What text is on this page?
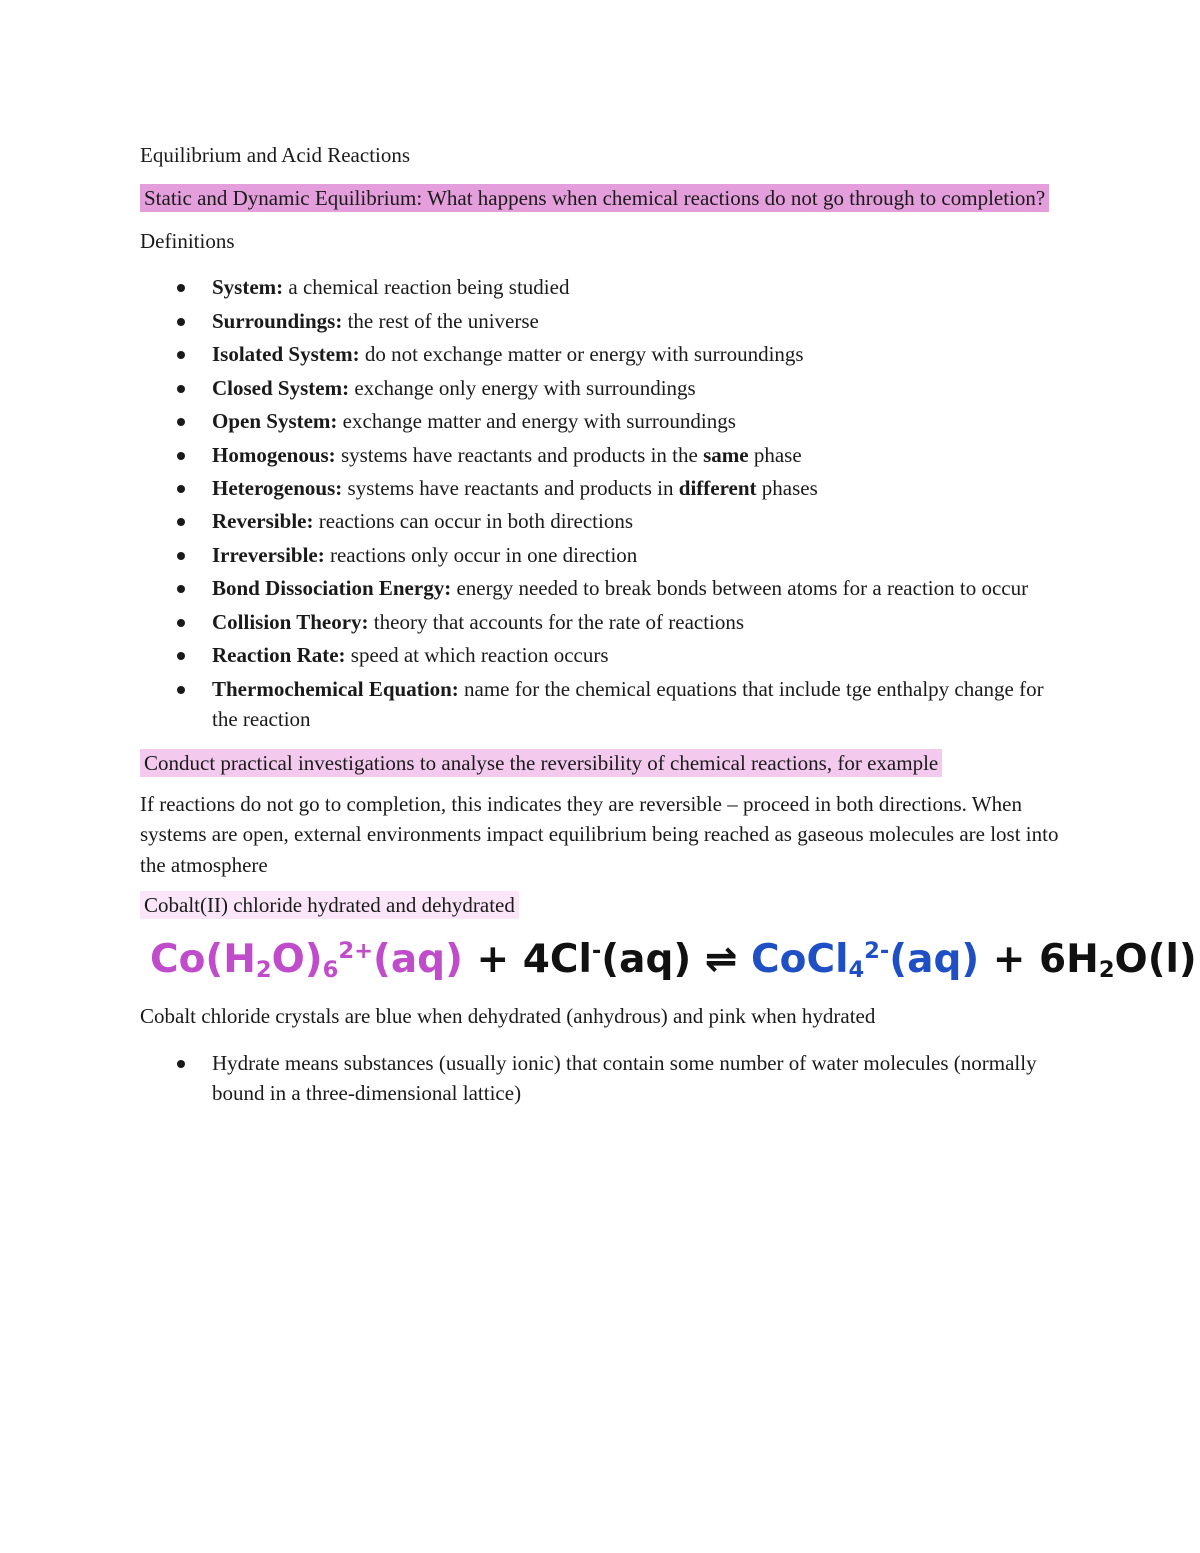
Equilibrium and Acid Reactions

Static and Dynamic Equilibrium: What happens when chemical reactions do not go through to completion?

Definitions

System: a chemical reaction being studied
Surroundings: the rest of the universe
Isolated System: do not exchange matter or energy with surroundings
Closed System: exchange only energy with surroundings
Open System: exchange matter and energy with surroundings
Homogenous: systems have reactants and products in the same phase
Heterogenous: systems have reactants and products in different phases
Reversible: reactions can occur in both directions
Irreversible: reactions only occur in one direction
Bond Dissociation Energy: energy needed to break bonds between atoms for a reaction to occur
Collision Theory: theory that accounts for the rate of reactions
Reaction Rate: speed at which reaction occurs
Thermochemical Equation: name for the chemical equations that include tge enthalpy change for the reaction

Conduct practical investigations to analyse the reversibility of chemical reactions, for example

If reactions do not go to completion, this indicates they are reversible – proceed in both directions. When systems are open, external environments impact equilibrium being reached as gaseous molecules are lost into the atmosphere

Cobalt(II) chloride hydrated and dehydrated

$Co(H_2O)_6^{2+}(aq) + 4Cl^-(aq)$ ⇌ CoCl$_4^{2-}$(aq) + $6H_2O(l)$

Cobalt chloride crystals are blue when dehydrated (anhydrous) and pink when hydrated

Hydrate means substances (usually ionic) that contain some number of water molecules (normally bound in a three-dimensional lattice)
